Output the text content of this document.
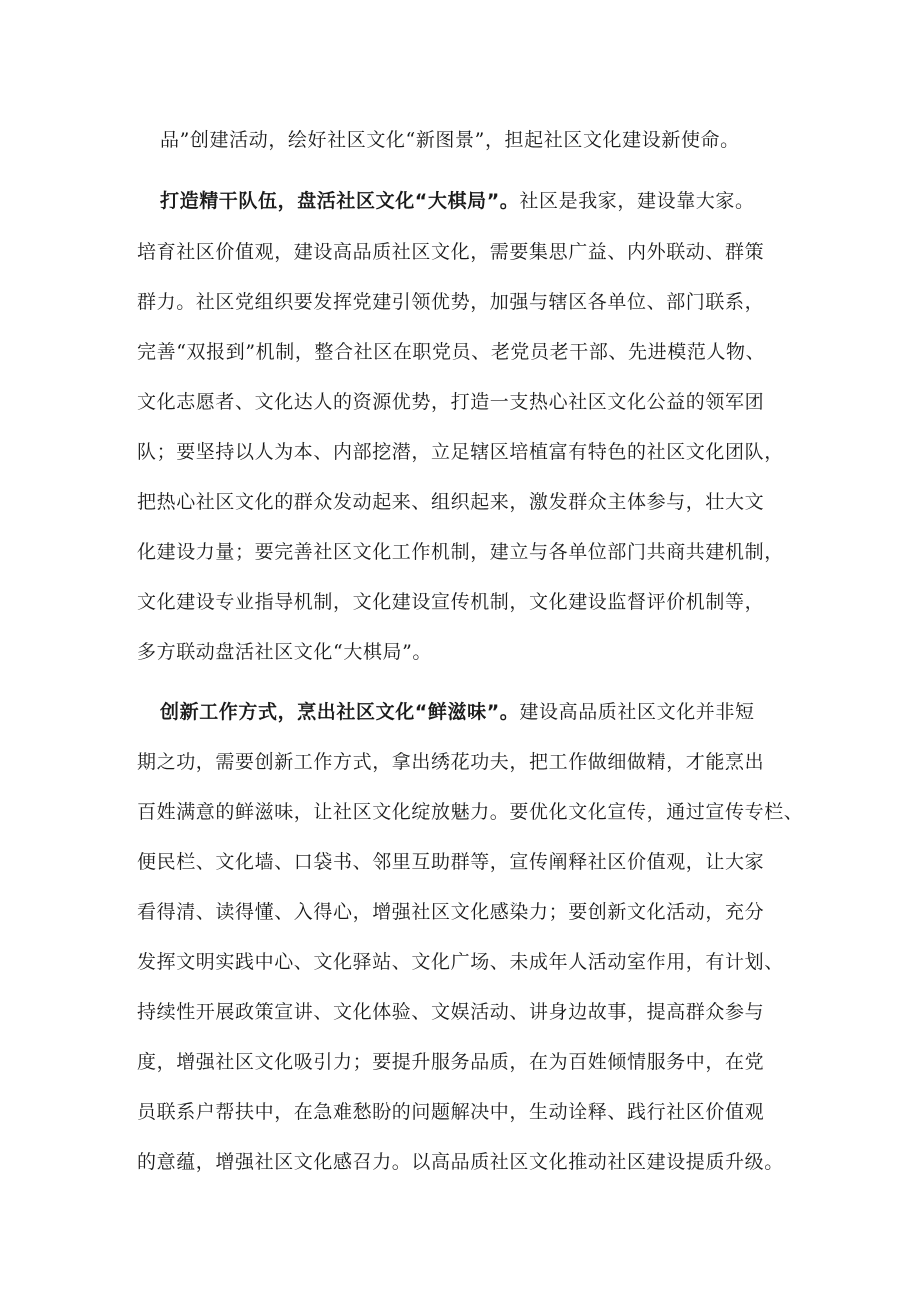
品”创建活动，绘好社区文化“新图景”，担起社区文化建设新使命。
打造精干队伍，盘活社区文化“大棋局”。社区是我家，建设靠大家。
培育社区价值观，建设高品质社区文化，需要集思广益、内外联动、群策
群力。社区党组织要发挥党建引领优势，加强与辖区各单位、部门联系，
完善“双报到”机制，整合社区在职党员、老党员老干部、先进模范人物、
文化志愿者、文化达人的资源优势，打造一支热心社区文化公益的领军团
队；要坚持以人为本、内部挖潜，立足辖区培植富有特色的社区文化团队，
把热心社区文化的群众发动起来、组织起来，激发群众主体参与，壮大文
化建设力量；要完善社区文化工作机制，建立与各单位部门共商共建机制，
文化建设专业指导机制，文化建设宣传机制，文化建设监督评价机制等，
多方联动盘活社区文化“大棋局”。
创新工作方式，烹出社区文化“鲜滋味”。建设高品质社区文化并非短
期之功，需要创新工作方式，拿出绣花功夫，把工作做细做精，才能烹出
百姓满意的鲜滋味，让社区文化绽放魅力。要优化文化宣传，通过宣传专栏、
便民栏、文化墙、口袋书、邻里互助群等，宣传阐释社区价值观，让大家
看得清、读得懂、入得心，增强社区文化感染力；要创新文化活动，充分
发挥文明实践中心、文化驿站、文化广场、未成年人活动室作用，有计划、
持续性开展政策宣讲、文化体验、文娱活动、讲身边故事，提高群众参与
度，增强社区文化吸引力；要提升服务品质，在为百姓倾情服务中，在党
员联系户帮扶中，在急难愁盼的问题解决中，生动诠释、践行社区价值观
的意蕴，增强社区文化感召力。以高品质社区文化推动社区建设提质升级。
